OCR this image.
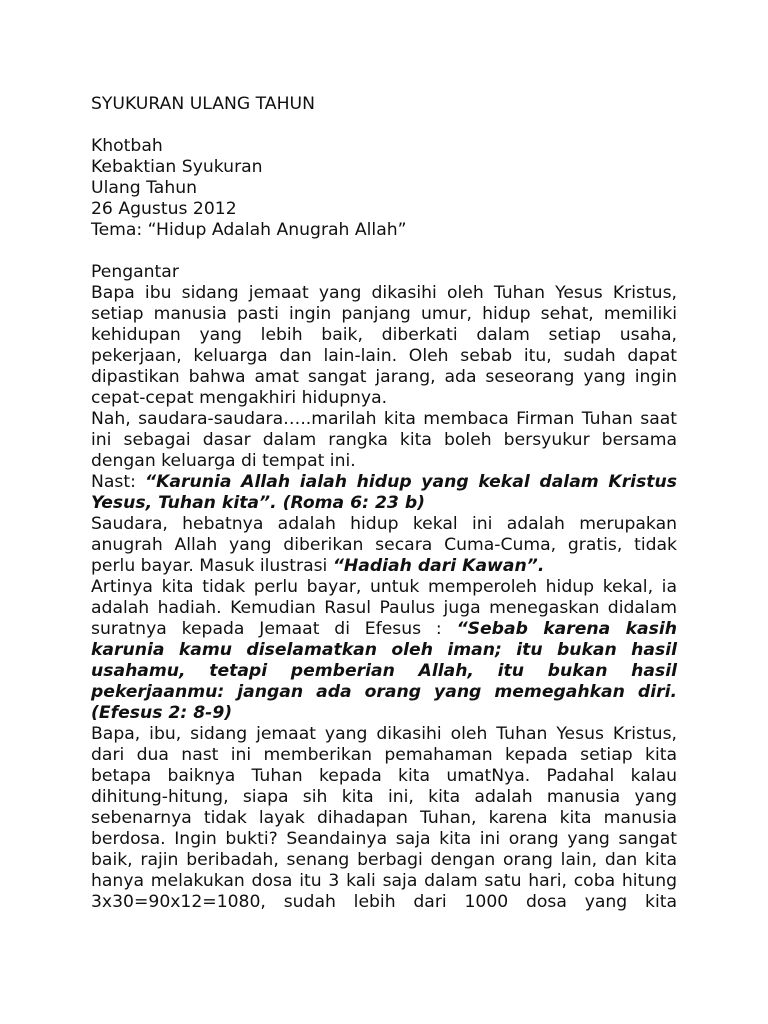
SYUKURAN ULANG TAHUN
Khotbah
Kebaktian Syukuran
Ulang Tahun
26 Agustus 2012
Tema: “Hidup Adalah Anugrah Allah”
Pengantar

Bapa ibu sidang jemaat yang dikasihi oleh Tuhan Yesus Kristus, setiap manusia pasti ingin panjang umur, hidup sehat, memiliki kehidupan yang lebih baik, diberkati dalam setiap usaha, pekerjaan, keluarga dan lain-lain. Oleh sebab itu, sudah dapat dipastikan bahwa amat sangat jarang, ada seseorang yang ingin cepat-cepat mengakhiri hidupnya.

Nah, saudara-saudara…..marilah kita membaca Firman Tuhan saat ini sebagai dasar dalam rangka kita boleh bersyukur bersama dengan keluarga di tempat ini.

Nast: “Karunia Allah ialah hidup yang kekal dalam Kristus Yesus, Tuhan kita”. (Roma 6: 23 b)

Saudara, hebatnya adalah hidup kekal ini adalah merupakan anugrah Allah yang diberikan secara Cuma-Cuma, gratis, tidak perlu bayar. Masuk ilustrasi “Hadiah dari Kawan”.

Artinya kita tidak perlu bayar, untuk memperoleh hidup kekal, ia adalah hadiah. Kemudian Rasul Paulus juga menegaskan didalam suratnya kepada Jemaat di Efesus : “Sebab karena kasih karunia kamu diselamatkan oleh iman; itu bukan hasil usahamu, tetapi pemberian Allah, itu bukan hasil pekerjaanmu: jangan ada orang yang memegahkan diri. (Efesus 2: 8-9)

Bapa, ibu, sidang jemaat yang dikasihi oleh Tuhan Yesus Kristus, dari dua nast ini memberikan pemahaman kepada setiap kita betapa baiknya Tuhan kepada kita umatNya. Padahal kalau dihitung-hitung, siapa sih kita ini, kita adalah manusia yang sebenarnya tidak layak dihadapan Tuhan, karena kita manusia berdosa. Ingin bukti? Seandainya saja kita ini orang yang sangat baik, rajin beribadah, senang berbagi dengan orang lain, dan kita hanya melakukan dosa itu 3 kali saja dalam satu hari, coba hitung 3x30=90x12=1080, sudah lebih dari 1000 dosa yang kita
